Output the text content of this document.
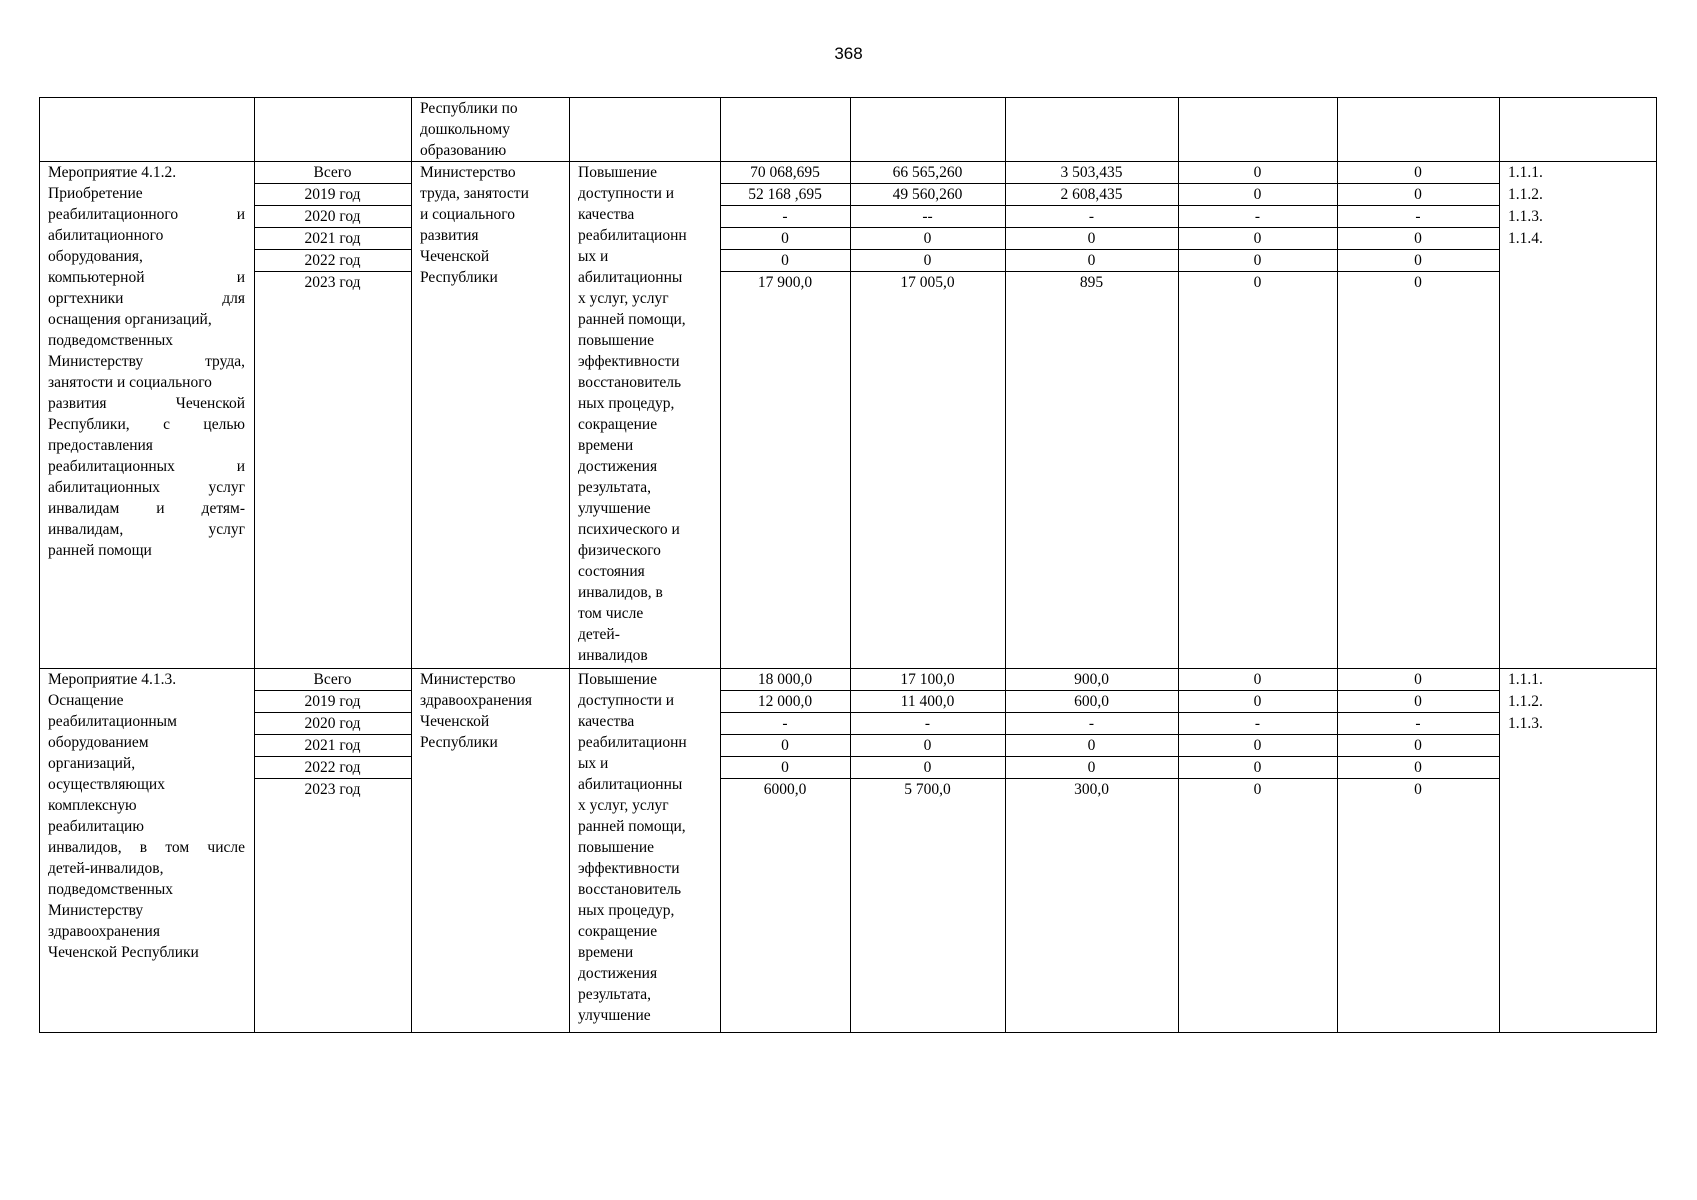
368
Республики по
дошкольному
образованию
Мероприятие 4.1.2.
Приобретение
реабилитационного и
абилитационного
оборудования,
компьютерной и
оргтехники для
оснащения организаций,
подведомственных
Министерству труда,
занятости и социального
развития Чеченской
Республики, с целью
предоставления
реабилитационных и
абилитационных услуг
инвалидам и детям-
инвалидам, услуг
ранней помощи
Всего
2019 год
2020 год
2021 год
2022 год
2023 год
Министерство
труда, занятости
и социального
развития
Чеченской
Республики
Повышение
доступности и
качества
реабилитационн
ых и
абилитационны
х услуг, услуг
ранней помощи,
повышение
эффективности
восстановитель
ных процедур,
сокращение
времени
достижения
результата,
улучшение
психического и
физического
состояния
инвалидов, в
том числе
детей-
инвалидов
70 068,695
52 168 ,695
-
0
0
17 900,0
66 565,260
49 560,260
--
0
0
17 005,0
3 503,435
2 608,435
-
0
0
895
0
0
-
0
0
0
0
0
-
0
0
0
1.1.1.
1.1.2.
1.1.3.
1.1.4.
Мероприятие 4.1.3.
Оснащение
реабилитационным
оборудованием
организаций,
осуществляющих
комплексную
реабилитацию
инвалидов, в том числе
детей-инвалидов,
подведомственных
Министерству
здравоохранения
Чеченской Республики
Всего
2019 год
2020 год
2021 год
2022 год
2023 год
Министерство
здравоохранения
Чеченской
Республики
Повышение
доступности и
качества
реабилитационн
ых и
абилитационны
х услуг, услуг
ранней помощи,
повышение
эффективности
восстановитель
ных процедур,
сокращение
времени
достижения
результата,
улучшение
18 000,0
12 000,0
-
0
0
6000,0
17 100,0
11 400,0
-
0
0
5 700,0
900,0
600,0
-
0
0
300,0
0
0
-
0
0
0
0
0
-
0
0
0
1.1.1.
1.1.2.
1.1.3.
